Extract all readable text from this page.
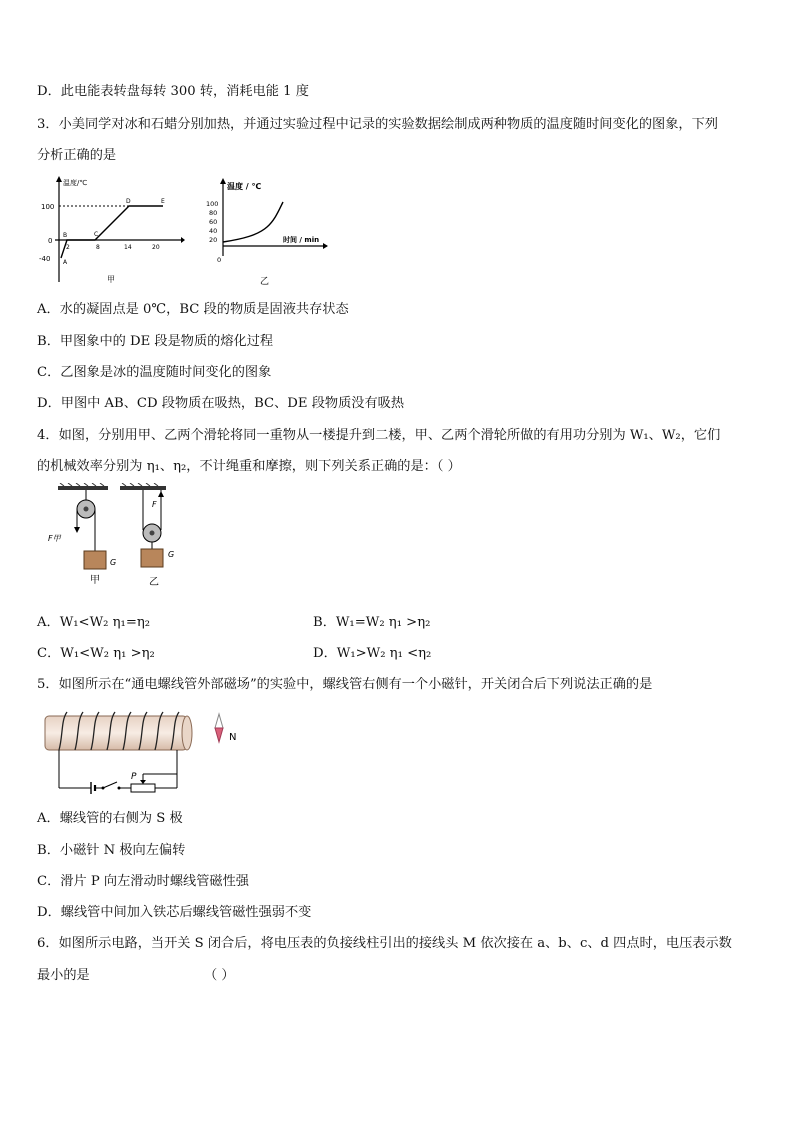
D．此电能表转盘每转 300 转，消耗电能 1 度
3．小美同学对冰和石蜡分别加热，并通过实验过程中记录的实验数据绘制成两种物质的温度随时间变化的图象，下列
分析正确的是
温度/℃
100
0
-40 A
B	C
D	E
2	8	14	20
甲
温度 / ℃
100
80
60
40
20
0
时间 / min
乙
A．水的凝固点是 0℃，BC 段的物质是固液共存状态
B．甲图象中的 DE 段是物质的熔化过程
C．乙图象是冰的温度随时间变化的图象
D．甲图中 AB、CD 段物质在吸热，BC、DE 段物质没有吸热
4．如图，分别用甲、乙两个滑轮将同一重物从一楼提升到二楼，甲、乙两个滑轮所做的有用功分别为 W₁、W₂，它们
的机械效率分别为 η₁、η₂，不计绳重和摩擦，则下列关系正确的是：（ ）
F甲
G
甲
F
G
乙
A．W₁<W₂ η₁=η₂	B．W₁=W₂ η₁ >η₂
C．W₁<W₂ η₁ >η₂	D．W₁>W₂ η₁ <η₂
5．如图所示在“通电螺线管外部磁场”的实验中，螺线管右侧有一个小磁针，开关闭合后下列说法正确的是
P
N
A．螺线管的右侧为 S 极
B．小磁针 N 极向左偏转
C．滑片 P 向左滑动时螺线管磁性强
D．螺线管中间加入铁芯后螺线管磁性强弱不变
6．如图所示电路，当开关 S 闭合后，将电压表的负接线柱引出的接线头 M 依次接在 a、b、c、d 四点时，电压表示数
最小的是	（ ）
